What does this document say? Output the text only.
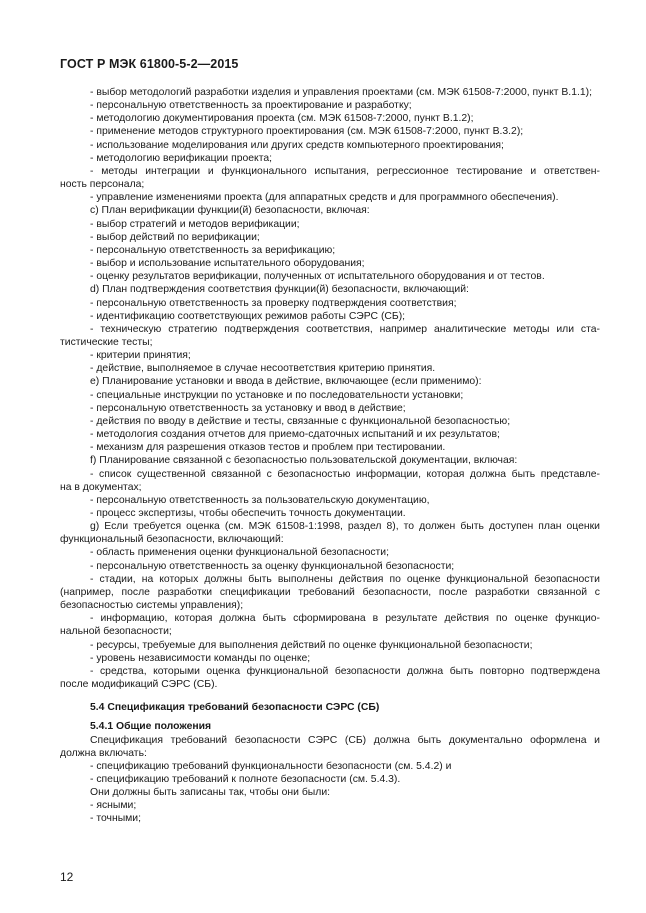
ГОСТ Р МЭК 61800-5-2—2015
- выбор методологий разработки изделия и управления проектами (см. МЭК 61508-7:2000, пункт В.1.1);
- персональную ответственность за проектирование и разработку;
- методологию документирования проекта (см. МЭК 61508-7:2000, пункт В.1.2);
- применение методов структурного проектирования (см. МЭК 61508-7:2000, пункт В.3.2);
- использование моделирования или других средств компьютерного проектирования;
- методологию верификации проекта;
- методы интеграции и функционального испытания, регрессионное тестирование и ответствен-
ность персонала;
- управление изменениями проекта (для аппаратных средств и для программного обеспечения).
c) План верификации функции(й) безопасности, включая:
- выбор стратегий и методов верификации;
- выбор действий по верификации;
- персональную ответственность за верификацию;
- выбор и использование испытательного оборудования;
- оценку результатов верификации, полученных от испытательного оборудования и от тестов.
d) План подтверждения соответствия функции(й) безопасности, включающий:
- персональную ответственность за проверку подтверждения соответствия;
- идентификацию соответствующих режимов работы СЭРС (СБ);
- техническую стратегию подтверждения соответствия, например аналитические методы или ста-
тистические тесты;
- критерии принятия;
- действие, выполняемое в случае несоответствия критерию принятия.
e) Планирование установки и ввода в действие, включающее (если применимо):
- специальные инструкции по установке и по последовательности установки;
- персональную ответственность за установку и ввод в действие;
- действия по вводу в действие и тесты, связанные с функциональной безопасностью;
- методология создания отчетов для приемо-сдаточных испытаний и их результатов;
- механизм для разрешения отказов тестов и проблем при тестировании.
f) Планирование связанной с безопасностью пользовательской документации, включая:
- список существенной связанной с безопасностью информации, которая должна быть представле-
на в документах;
- персональную ответственность за пользовательскую документацию,
- процесс экспертизы, чтобы обеспечить точность документации.
g) Если требуется оценка (см. МЭК 61508-1:1998, раздел 8), то должен быть доступен план оценки
функциональный безопасности, включающий:
- область применения оценки функциональной безопасности;
- персональную ответственность за оценку функциональной безопасности;
- стадии, на которых должны быть выполнены действия по оценке функциональной безопасности
(например, после разработки спецификации требований безопасности, после разработки связанной с
безопасностью системы управления);
- информацию, которая должна быть сформирована в результате действия по оценке функцио-
нальной безопасности;
- ресурсы, требуемые для выполнения действий по оценке функциональной безопасности;
- уровень независимости команды по оценке;
- средства, которыми оценка функциональной безопасности должна быть повторно подтверждена
после модификаций СЭРС (СБ).
5.4 Спецификация требований безопасности СЭРС (СБ)
5.4.1 Общие положения
Спецификация требований безопасности СЭРС (СБ) должна быть документально оформлена и
должна включать:
- спецификацию требований функциональности безопасности (см. 5.4.2) и
- спецификацию требований к полноте безопасности (см. 5.4.3).
Они должны быть записаны так, чтобы они были:
- ясными;
- точными;
12
